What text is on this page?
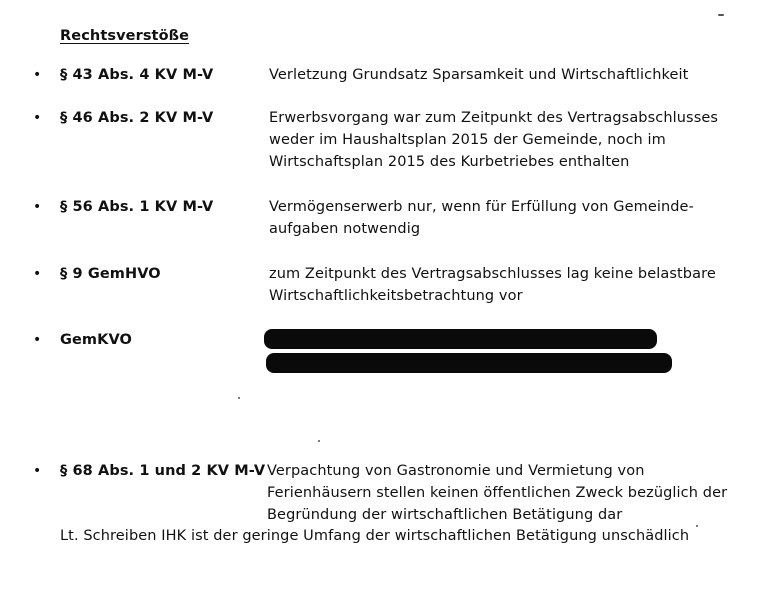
Rechtsverstöße
• § 43 Abs. 4 KV M-V	Verletzung Grundsatz Sparsamkeit und Wirtschaftlichkeit
• § 46 Abs. 2 KV M-V	Erwerbsvorgang war zum Zeitpunkt des Vertragsabschlusses
weder im Haushaltsplan 2015 der Gemeinde, noch im
Wirtschaftsplan 2015 des Kurbetriebes enthalten
• § 56 Abs. 1 KV M-V	Vermögenserwerb nur, wenn für Erfüllung von Gemeinde-
aufgaben notwendig
• § 9 GemHVO	zum Zeitpunkt des Vertragsabschlusses lag keine belastbare
Wirtschaftlichkeitsbetrachtung vor
• GemKVO
• § 68 Abs. 1 und 2 KV M-V Verpachtung von Gastronomie und Vermietung von
Ferienhäusern stellen keinen öffentlichen Zweck bezüglich der
Begründung der wirtschaftlichen Betätigung dar
Lt. Schreiben IHK ist der geringe Umfang der wirtschaftlichen Betätigung unschädlich
